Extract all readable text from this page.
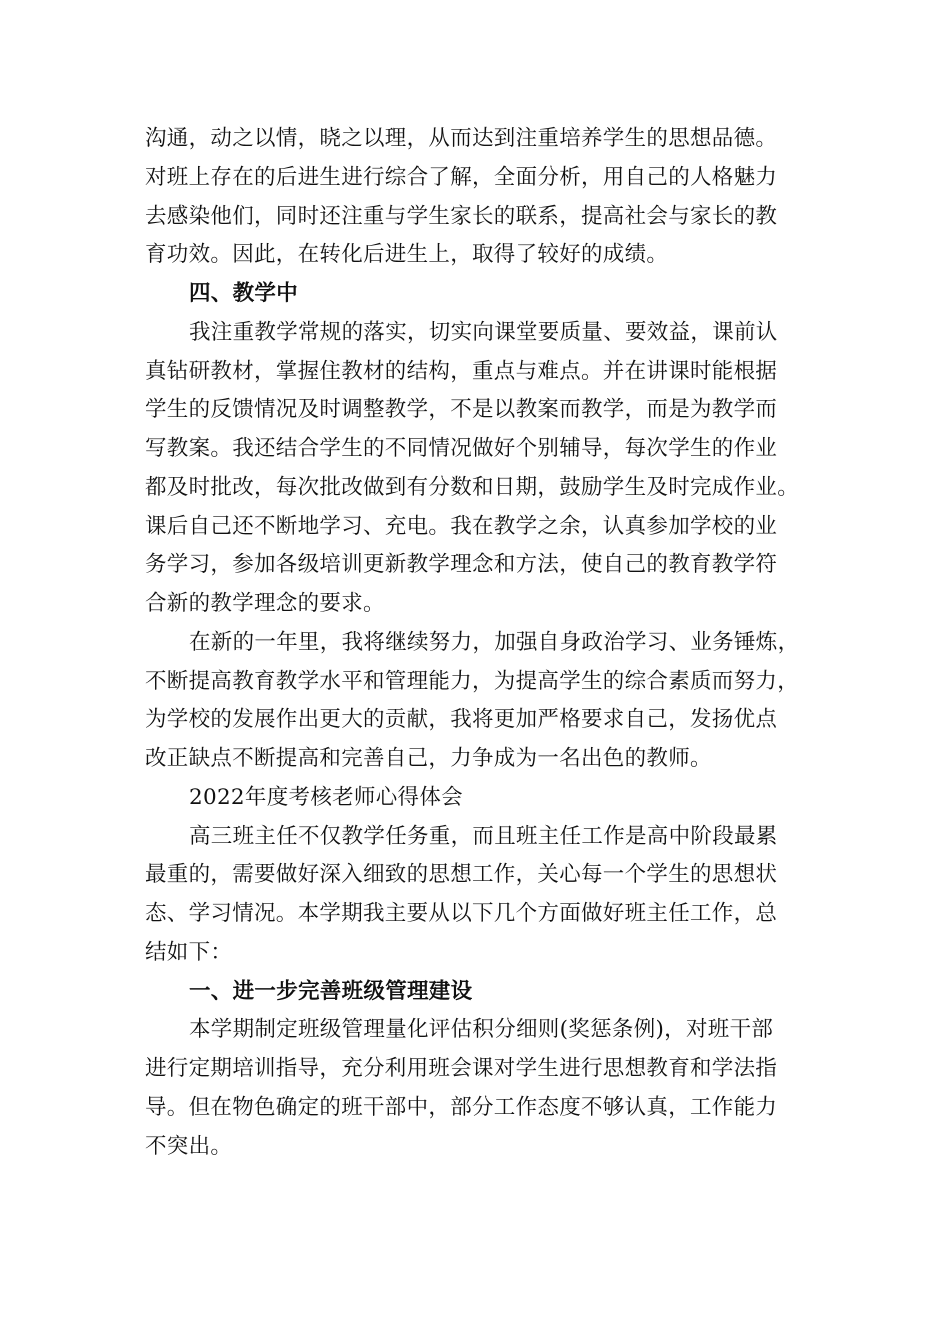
沟通，动之以情，晓之以理，从而达到注重培养学生的思想品德。
对班上存在的后进生进行综合了解，全面分析，用自己的人格魅力
去感染他们，同时还注重与学生家长的联系，提高社会与家长的教
育功效。因此，在转化后进生上，取得了较好的成绩。
四、教学中
我注重教学常规的落实，切实向课堂要质量、要效益，课前认
真钻研教材，掌握住教材的结构，重点与难点。并在讲课时能根据
学生的反馈情况及时调整教学，不是以教案而教学，而是为教学而
写教案。我还结合学生的不同情况做好个别辅导，每次学生的作业
都及时批改，每次批改做到有分数和日期，鼓励学生及时完成作业。
课后自己还不断地学习、充电。我在教学之余，认真参加学校的业
务学习，参加各级培训更新教学理念和方法，使自己的教育教学符
合新的教学理念的要求。
在新的一年里，我将继续努力，加强自身政治学习、业务锤炼，
不断提高教育教学水平和管理能力，为提高学生的综合素质而努力，
为学校的发展作出更大的贡献，我将更加严格要求自己，发扬优点
改正缺点不断提高和完善自己，力争成为一名出色的教师。
2022年度考核老师心得体会
高三班主任不仅教学任务重，而且班主任工作是高中阶段最累
最重的，需要做好深入细致的思想工作，关心每一个学生的思想状
态、学习情况。本学期我主要从以下几个方面做好班主任工作，总
结如下：
一、进一步完善班级管理建设
本学期制定班级管理量化评估积分细则(奖惩条例)，对班干部
进行定期培训指导，充分利用班会课对学生进行思想教育和学法指
导。但在物色确定的班干部中，部分工作态度不够认真，工作能力
不突出。
